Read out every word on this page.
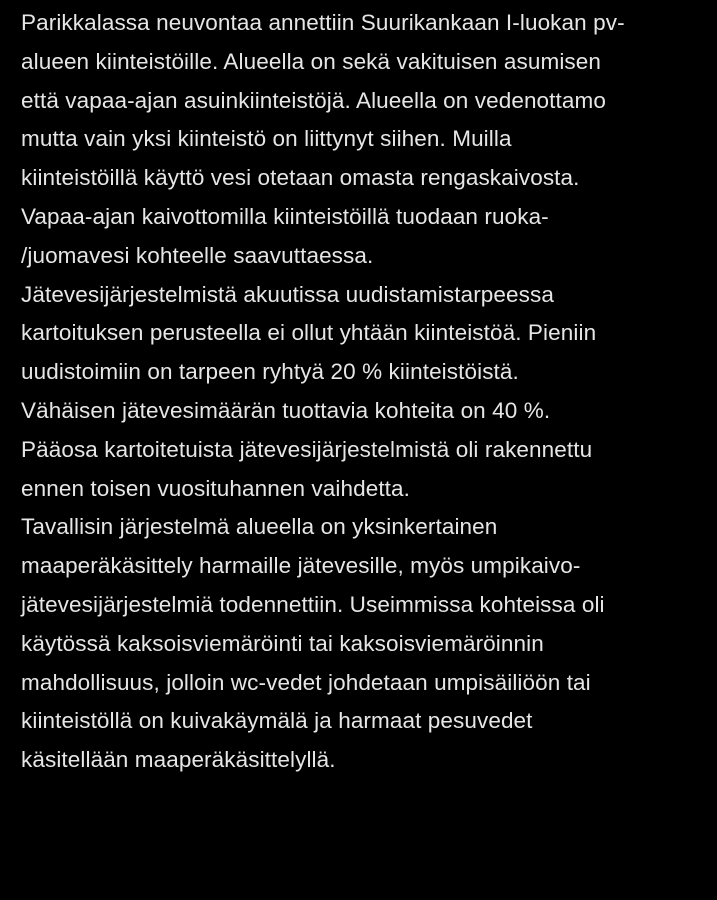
Parikkalassa neuvontaa annettiin Suurikankaan I-luokan pv-
alueen kiinteistöille. Alueella on sekä vakituisen asumisen
että vapaa-ajan asuinkiinteistöjä. Alueella on vedenottamo
mutta vain yksi kiinteistö on liittynyt siihen. Muilla
kiinteistöillä käyttö vesi otetaan omasta rengaskaivosta.
Vapaa-ajan kaivottomilla kiinteistöillä tuodaan ruoka-
/juomavesi kohteelle saavuttaessa.
Jätevesijärjestelmistä akuutissa uudistamistarpeessa
kartoituksen perusteella ei ollut yhtään kiinteistöä. Pieniin
uudistoimiin on tarpeen ryhtyä 20 % kiinteistöistä.
Vähäisen jätevesimäärän tuottavia kohteita on 40 %.
Pääosa kartoitetuista jätevesijärjestelmistä oli rakennettu
ennen toisen vuosituhannen vaihdetta.
Tavallisin järjestelmä alueella on yksinkertainen
maaperäkäsittely harmaille jätevesille, myös umpikaivo-
jätevesijärjestelmiä todennettiin. Useimmissa kohteissa oli
käytössä kaksoisviemäröinti tai kaksoisviemäröinnin
mahdollisuus, jolloin wc-vedet johdetaan umpisäiliöön tai
kiinteistöllä on kuivakäymälä ja harmaat pesuvedet
käsitellään maaperäkäsittelyllä.
